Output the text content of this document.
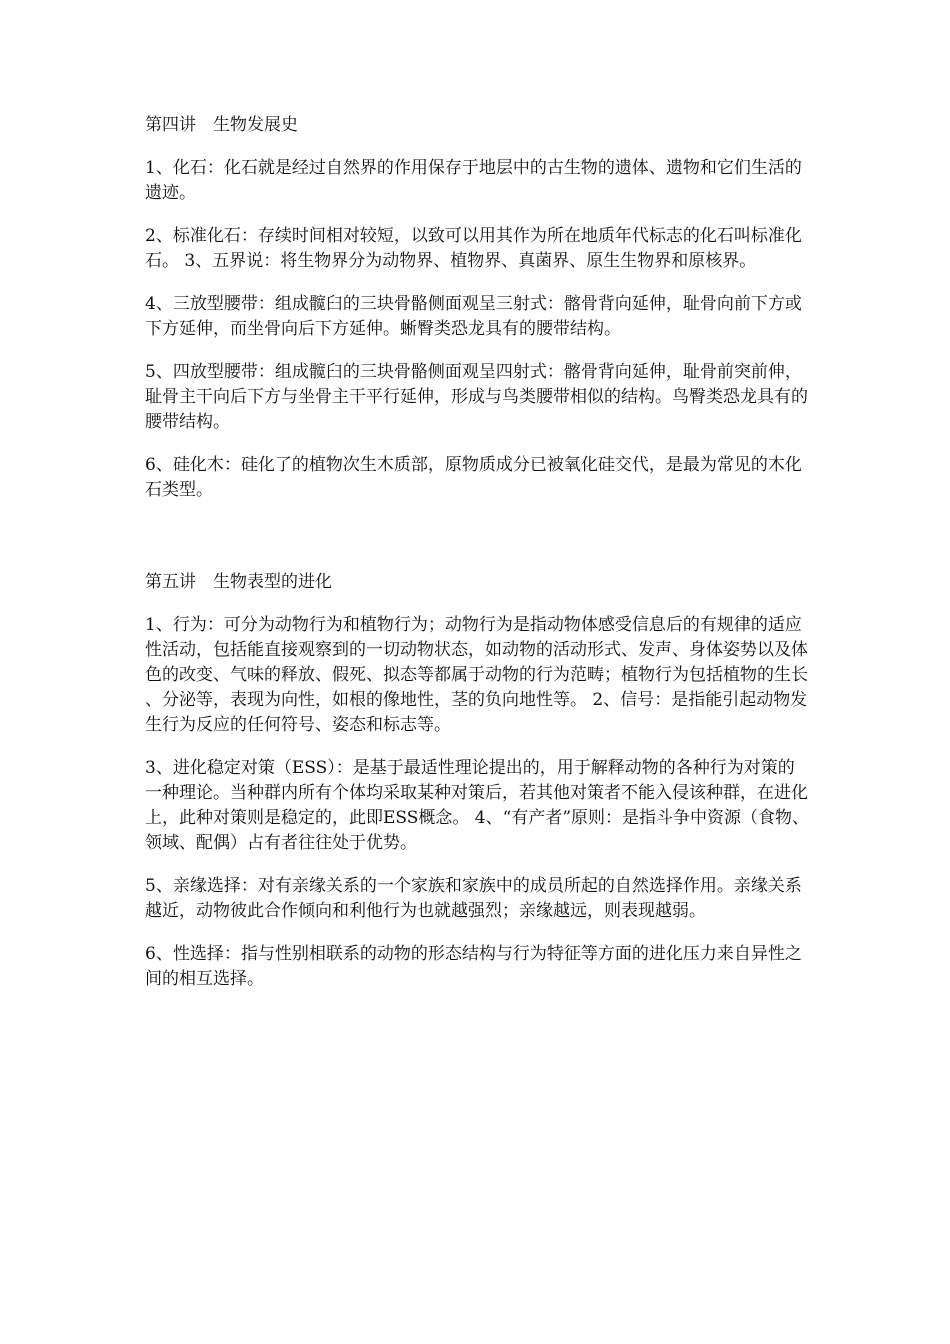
第四讲　生物发展史

1、化石：化石就是经过自然界的作用保存于地层中的古生物的遗体、遗物和它们生活的遗迹。

2、标准化石：存续时间相对较短，以致可以用其作为所在地质年代标志的化石叫标准化石。 3、五界说：将生物界分为动物界、植物界、真菌界、原生生物界和原核界。

4、三放型腰带：组成髋臼的三块骨骼侧面观呈三射式：髂骨背向延伸，耻骨向前下方或下方延伸，而坐骨向后下方延伸。蜥臀类恐龙具有的腰带结构。

5、四放型腰带：组成髋臼的三块骨骼侧面观呈四射式：髂骨背向延伸，耻骨前突前伸，耻骨主干向后下方与坐骨主干平行延伸，形成与鸟类腰带相似的结构。鸟臀类恐龙具有的腰带结构。

6、硅化木：硅化了的植物次生木质部，原物质成分已被氧化硅交代，是最为常见的木化石类型。

第五讲　生物表型的进化

1、行为：可分为动物行为和植物行为；动物行为是指动物体感受信息后的有规律的适应性活动，包括能直接观察到的一切动物状态，如动物的活动形式、发声、身体姿势以及体色的改变、气味的释放、假死、拟态等都属于动物的行为范畴；植物行为包括植物的生长、分泌等，表现为向性，如根的像地性，茎的负向地性等。 2、信号：是指能引起动物发生行为反应的任何符号、姿态和标志等。

3、进化稳定对策（ESS）：是基于最适性理论提出的，用于解释动物的各种行为对策的一种理论。当种群内所有个体均采取某种对策后，若其他对策者不能入侵该种群，在进化上，此种对策则是稳定的，此即ESS概念。 4、“有产者”原则：是指斗争中资源（食物、领域、配偶）占有者往往处于优势。

5、亲缘选择：对有亲缘关系的一个家族和家族中的成员所起的自然选择作用。亲缘关系越近，动物彼此合作倾向和利他行为也就越强烈；亲缘越远，则表现越弱。

6、性选择：指与性别相联系的动物的形态结构与行为特征等方面的进化压力来自异性之间的相互选择。
